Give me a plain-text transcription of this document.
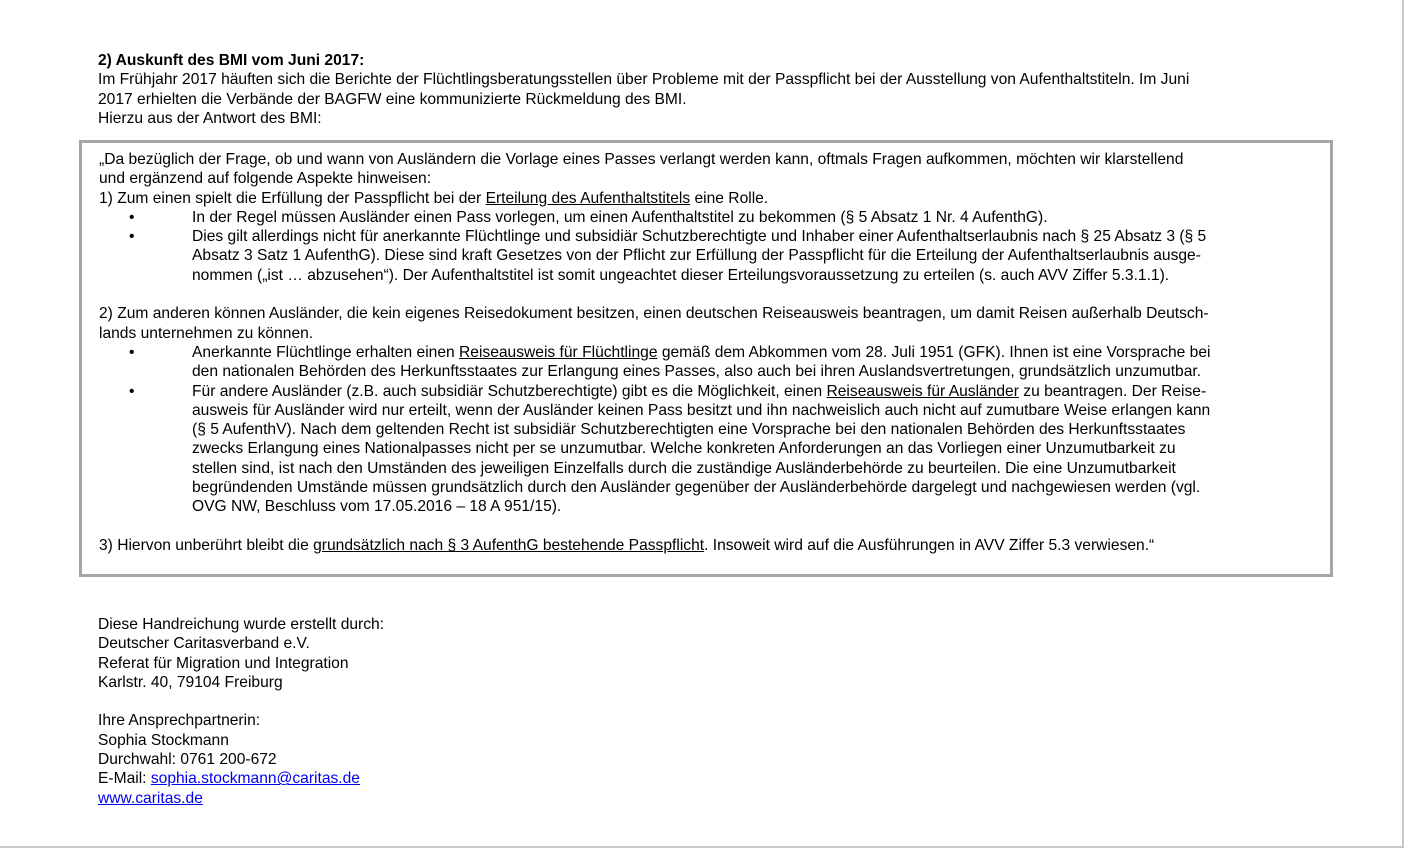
2) Auskunft des BMI vom Juni 2017:
Im Frühjahr 2017 häuften sich die Berichte der Flüchtlingsberatungsstellen über Probleme mit der Passpflicht bei der Ausstellung von Aufenthaltstiteln. Im Juni
2017 erhielten die Verbände der BAGFW eine kommunizierte Rückmeldung des BMI.
Hierzu aus der Antwort des BMI:
„Da bezüglich der Frage, ob und wann von Ausländern die Vorlage eines Passes verlangt werden kann, oftmals Fragen aufkommen, möchten wir klarstellend
und ergänzend auf folgende Aspekte hinweisen:
1) Zum einen spielt die Erfüllung der Passpflicht bei der Erteilung des Aufenthaltstitels eine Rolle.
•	In der Regel müssen Ausländer einen Pass vorlegen, um einen Aufenthaltstitel zu bekommen (§ 5 Absatz 1 Nr. 4 AufenthG).
•	Dies gilt allerdings nicht für anerkannte Flüchtlinge und subsidiär Schutzberechtigte und Inhaber einer Aufenthaltserlaubnis nach § 25 Absatz 3 (§ 5
Absatz 3 Satz 1 AufenthG). Diese sind kraft Gesetzes von der Pflicht zur Erfüllung der Passpflicht für die Erteilung der Aufenthaltserlaubnis ausge-
nommen („ist … abzusehen“). Der Aufenthaltstitel ist somit ungeachtet dieser Erteilungsvoraussetzung zu erteilen (s. auch AVV Ziffer 5.3.1.1).
2) Zum anderen können Ausländer, die kein eigenes Reisedokument besitzen, einen deutschen Reiseausweis beantragen, um damit Reisen außerhalb Deutsch-
lands unternehmen zu können.
•	Anerkannte Flüchtlinge erhalten einen Reiseausweis für Flüchtlinge gemäß dem Abkommen vom 28. Juli 1951 (GFK). Ihnen ist eine Vorsprache bei
den nationalen Behörden des Herkunftsstaates zur Erlangung eines Passes, also auch bei ihren Auslandsvertretungen, grundsätzlich unzumutbar.
•	Für andere Ausländer (z.B. auch subsidiär Schutzberechtigte) gibt es die Möglichkeit, einen Reiseausweis für Ausländer zu beantragen. Der Reise-
ausweis für Ausländer wird nur erteilt, wenn der Ausländer keinen Pass besitzt und ihn nachweislich auch nicht auf zumutbare Weise erlangen kann
(§ 5 AufenthV). Nach dem geltenden Recht ist subsidiär Schutzberechtigten eine Vorsprache bei den nationalen Behörden des Herkunftsstaates
zwecks Erlangung eines Nationalpasses nicht per se unzumutbar. Welche konkreten Anforderungen an das Vorliegen einer Unzumutbarkeit zu
stellen sind, ist nach den Umständen des jeweiligen Einzelfalls durch die zuständige Ausländerbehörde zu beurteilen. Die eine Unzumutbarkeit
begründenden Umstände müssen grundsätzlich durch den Ausländer gegenüber der Ausländerbehörde dargelegt und nachgewiesen werden (vgl.
OVG NW, Beschluss vom 17.05.2016 – 18 A 951/15).
3) Hiervon unberührt bleibt die grundsätzlich nach § 3 AufenthG bestehende Passpflicht. Insoweit wird auf die Ausführungen in AVV Ziffer 5.3 verwiesen.“
Diese Handreichung wurde erstellt durch:
Deutscher Caritasverband e.V.
Referat für Migration und Integration
Karlstr. 40, 79104 Freiburg
Ihre Ansprechpartnerin:
Sophia Stockmann
Durchwahl: 0761 200-672
E-Mail: sophia.stockmann@caritas.de
www.caritas.de
